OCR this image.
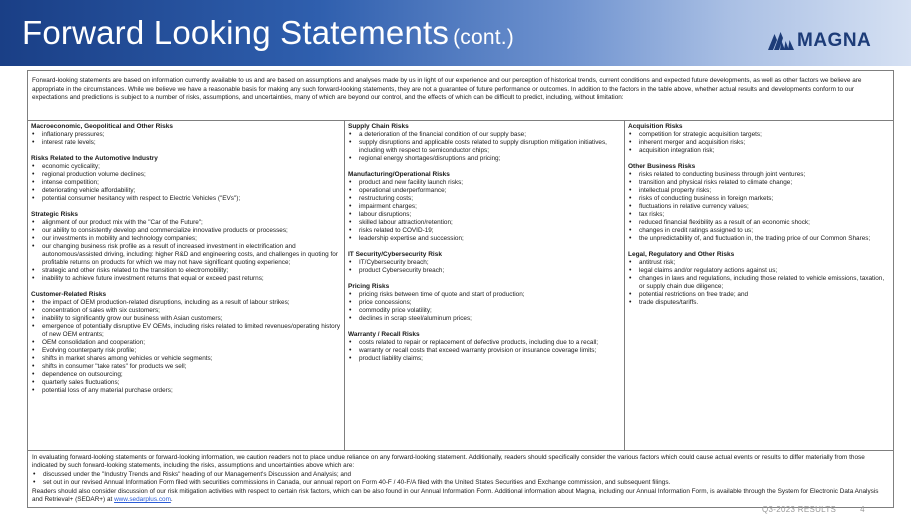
Forward Looking Statements (cont.)	MAGNA
Forward-looking statements are based on information currently available to us and are based on assumptions and analyses made by us in light of our experience and our perception of historical trends, current conditions and expected future developments, as well as other factors we believe are appropriate in the circumstances. While we believe we have a reasonable basis for making any such forward-looking statements, they are not a guarantee of future performance or outcomes. In addition to the factors in the table above, whether actual results and developments conform to our expectations and predictions is subject to a number of risks, assumptions, and uncertainties, many of which are beyond our control, and the effects of which can be difficult to predict, including, without limitation:
Macroeconomic, Geopolitical and Other Risks
• inflationary pressures;
• interest rate levels;
Risks Related to the Automotive Industry
• economic cyclicality;
• regional production volume declines;
• intense competition;
• deteriorating vehicle affordability;
• potential consumer hesitancy with respect to Electric Vehicles ("EVs");
Strategic Risks
• alignment of our product mix with the "Car of the Future";
• our ability to consistently develop and commercialize innovative products or processes;
• our investments in mobility and technology companies;
• our changing business risk profile as a result of increased investment in electrification and autonomous/assisted driving, including: higher R&D and engineering costs, and challenges in quoting for profitable returns on products for which we may not have significant quoting experience;
• strategic and other risks related to the transition to electromobility;
• inability to achieve future investment returns that equal or exceed past returns;
Customer-Related Risks
• the impact of OEM production-related disruptions, including as a result of labour strikes;
• concentration of sales with six customers;
• inability to significantly grow our business with Asian customers;
• emergence of potentially disruptive EV OEMs, including risks related to limited revenues/operating history of new OEM entrants;
• OEM consolidation and cooperation;
• Evolving counterparty risk profile;
• shifts in market shares among vehicles or vehicle segments;
• shifts in consumer "take rates" for products we sell;
• dependence on outsourcing;
• quarterly sales fluctuations;
• potential loss of any material purchase orders;
Supply Chain Risks
• a deterioration of the financial condition of our supply base;
• supply disruptions and applicable costs related to supply disruption mitigation initiatives, including with respect to semiconductor chips;
• regional energy shortages/disruptions and pricing;
Manufacturing/Operational Risks
• product and new facility launch risks;
• operational underperformance;
• restructuring costs;
• impairment charges;
• labour disruptions;
• skilled labour attraction/retention;
• risks related to COVID-19;
• leadership expertise and succession;
IT Security/Cybersecurity Risk
• IT/Cybersecurity breach;
• product Cybersecurity breach;
Pricing Risks
• pricing risks between time of quote and start of production;
• price concessions;
• commodity price volatility;
• declines in scrap steel/aluminum prices;
Warranty / Recall Risks
• costs related to repair or replacement of defective products, including due to a recall;
• warranty or recall costs that exceed warranty provision or insurance coverage limits;
• product liability claims;
Acquisition Risks
• competition for strategic acquisition targets;
• inherent merger and acquisition risks;
• acquisition integration risk;
Other Business Risks
• risks related to conducting business through joint ventures;
• transition and physical risks related to climate change;
• intellectual property risks;
• risks of conducting business in foreign markets;
• fluctuations in relative currency values;
• tax risks;
• reduced financial flexibility as a result of an economic shock;
• changes in credit ratings assigned to us;
• the unpredictability of, and fluctuation in, the trading price of our Common Shares;
Legal, Regulatory and Other Risks
• antitrust risk;
• legal claims and/or regulatory actions against us;
• changes in laws and regulations, including those related to vehicle emissions, taxation, or supply chain due diligence;
• potential restrictions on free trade; and
• trade disputes/tariffs.
In evaluating forward-looking statements or forward-looking information, we caution readers not to place undue reliance on any forward-looking statement. Additionally, readers should specifically consider the various factors which could cause actual events or results to differ materially from those indicated by such forward-looking statements, including the risks, assumptions and uncertainties above which are:
• discussed under the "Industry Trends and Risks" heading of our Management's Discussion and Analysis; and
• set out in our revised Annual Information Form filed with securities commissions in Canada, our annual report on Form 40-F / 40-F/A filed with the United States Securities and Exchange commission, and subsequent filings.
Readers should also consider discussion of our risk mitigation activities with respect to certain risk factors, which can be also found in our Annual Information Form. Additional information about Magna, including our Annual Information Form, is available through the System for Electronic Data Analysis and Retrieval+ (SEDAR+) at www.sedarplus.com.
Q3-2023 RESULTS	4
